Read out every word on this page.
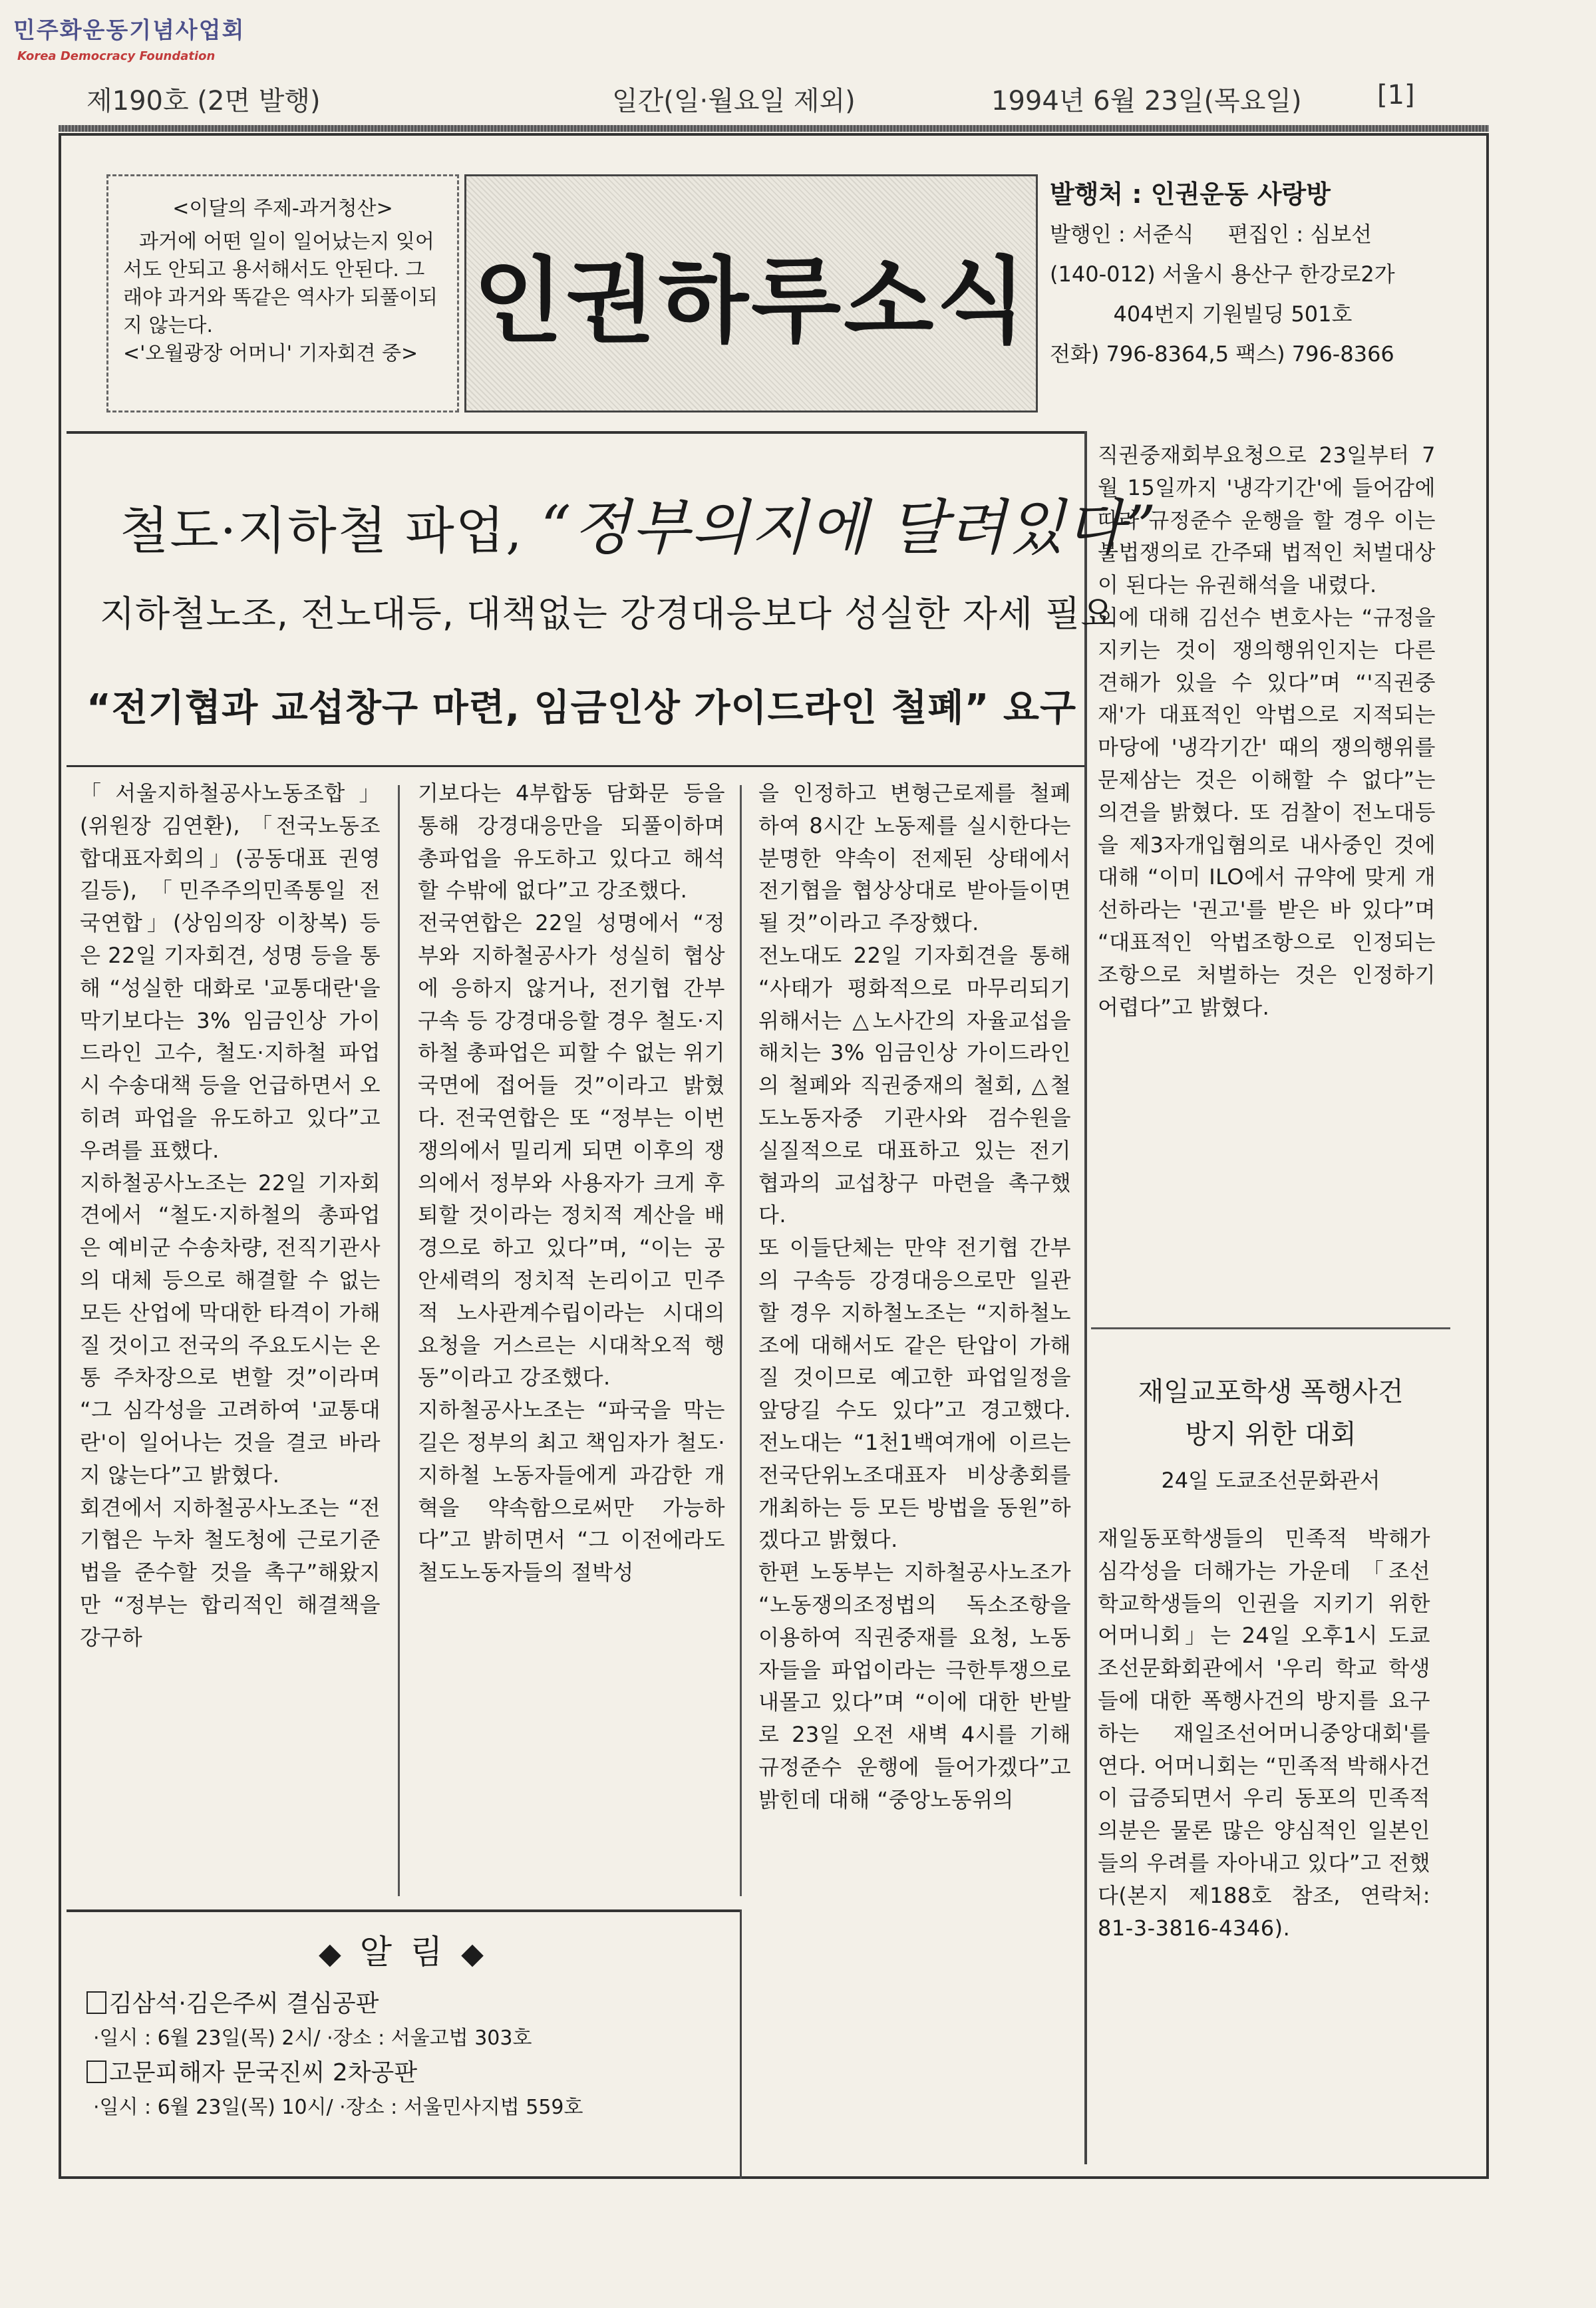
민주화운동기념사업회
Korea Democracy Foundation
제190호 (2면 발행)	일간(일·월요일 제외)	1994년 6월 23일(목요일)	[1]
<이달의 주제-과거청산>
과거에 어떤 일이 일어났는지 잊어서도 안되고 용서해서도 안된다. 그래야 과거와 똑같은 역사가 되풀이되지 않는다.
<'오월광장 어머니' 기자회견 중> 인권하루소식
발행처 : 인권운동 사랑방
발행인 : 서준식     편집인 : 심보선
(140-012) 서울시 용산구 한강로2가
404번지 기원빌딩 501호
전화) 796-8364,5 팩스) 796-8366
철도·지하철 파업, “정부의지에 달려있다”
지하철노조, 전노대등, 대책없는 강경대응보다 성실한 자세 필요
“전기협과 교섭창구 마련, 임금인상 가이드라인 철폐” 요구
「서울지하철공사노동조합」(위원장 김연환), 「전국노동조합대표자회의」(공동대표 권영길등), 「민주주의민족통일 전국연합」(상임의장 이창복) 등은 22일 기자회견, 성명 등을 통해 “성실한 대화로 '교통대란'을 막기보다는 3% 임금인상 가이드라인 고수, 철도·지하철 파업시 수송대책 등을 언급하면서 오히려 파업을 유도하고 있다”고 우려를 표했다.
지하철공사노조는 22일 기자회견에서 “철도·지하철의 총파업은 예비군 수송차량, 전직기관사의 대체 등으로 해결할 수 없는 모든 산업에 막대한 타격이 가해질 것이고 전국의 주요도시는 온통 주차장으로 변할 것”이라며 “그 심각성을 고려하여 '교통대란'이 일어나는 것을 결코 바라지 않는다”고 밝혔다.
회견에서 지하철공사노조는 “전기협은 누차 철도청에 근로기준법을 준수할 것을 촉구”해왔지만 “정부는 합리적인 해결책을 강구하
기보다는 4부합동 담화문 등을 통해 강경대응만을 되풀이하며 총파업을 유도하고 있다고 해석할 수밖에 없다”고 강조했다.
전국연합은 22일 성명에서 “정부와 지하철공사가 성실히 협상에 응하지 않거나, 전기협 간부 구속 등 강경대응할 경우 철도·지하철 총파업은 피할 수 없는 위기국면에 접어들 것”이라고 밝혔다. 전국연합은 또 “정부는 이번 쟁의에서 밀리게 되면 이후의 쟁의에서 정부와 사용자가 크게 후퇴할 것이라는 정치적 계산을 배경으로 하고 있다”며, “이는 공안세력의 정치적 논리이고 민주적 노사관계수립이라는 시대의 요청을 거스르는 시대착오적 행동”이라고 강조했다.
지하철공사노조는 “파국을 막는 길은 정부의 최고 책임자가 철도·지하철 노동자들에게 과감한 개혁을 약속함으로써만 가능하다”고 밝히면서 “그 이전에라도 철도노동자들의 절박성
을 인정하고 변형근로제를 철폐하여 8시간 노동제를 실시한다는 분명한 약속이 전제된 상태에서 전기협을 협상상대로 받아들이면 될 것”이라고 주장했다.
전노대도 22일 기자회견을 통해 “사태가 평화적으로 마무리되기 위해서는 △노사간의 자율교섭을 해치는 3% 임금인상 가이드라인의 철폐와 직권중재의 철회, △철도노동자중 기관사와 검수원을 실질적으로 대표하고 있는 전기협과의 교섭창구 마련을 촉구했다.
또 이들단체는 만약 전기협 간부의 구속등 강경대응으로만 일관할 경우 지하철노조는 “지하철노조에 대해서도 같은 탄압이 가해질 것이므로 예고한 파업일정을 앞당길 수도 있다”고 경고했다. 전노대는 “1천1백여개에 이르는 전국단위노조대표자 비상총회를 개최하는 등 모든 방법을 동원”하겠다고 밝혔다.
한편 노동부는 지하철공사노조가 “노동쟁의조정법의 독소조항을 이용하여 직권중재를 요청, 노동자들을 파업이라는 극한투쟁으로 내몰고 있다”며 “이에 대한 반발로 23일 오전 새벽 4시를 기해 규정준수 운행에 들어가겠다”고 밝힌데 대해 “중앙노동위의
직권중재회부요청으로 23일부터 7월 15일까지 '냉각기간'에 들어감에 따라 규정준수 운행을 할 경우 이는 불법쟁의로 간주돼 법적인 처벌대상이 된다는 유권해석을 내렸다.
이에 대해 김선수 변호사는 “규정을 지키는 것이 쟁의행위인지는 다른 견해가 있을 수 있다”며 “'직권중재'가 대표적인 악법으로 지적되는 마당에 '냉각기간' 때의 쟁의행위를 문제삼는 것은 이해할 수 없다”는 의견을 밝혔다. 또 검찰이 전노대등을 제3자개입혐의로 내사중인 것에 대해 “이미 ILO에서 규약에 맞게 개선하라는 '권고'를 받은 바 있다”며 “대표적인 악법조항으로 인정되는 조항으로 처벌하는 것은 인정하기 어렵다”고 밝혔다.
재일교포학생 폭행사건
방지 위한 대회
24일 도쿄조선문화관서
재일동포학생들의 민족적 박해가 심각성을 더해가는 가운데 「조선학교학생들의 인권을 지키기 위한 어머니회」는 24일 오후1시 도쿄조선문화회관에서 '우리 학교 학생들에 대한 폭행사건의 방지를 요구하는 재일조선어머니중앙대회'를 연다. 어머니회는 “민족적 박해사건이 급증되면서 우리 동포의 민족적 의분은 물론 많은 양심적인 일본인들의 우려를 자아내고 있다”고 전했다(본지 제188호 참조, 연락처: 81-3-3816-4346).
◆ 알 림 ◆
김삼석·김은주씨 결심공판
·일시 : 6월 23일(목) 2시/ ·장소 : 서울고법 303호
고문피해자 문국진씨 2차공판
·일시 : 6월 23일(목) 10시/ ·장소 : 서울민사지법 559호
